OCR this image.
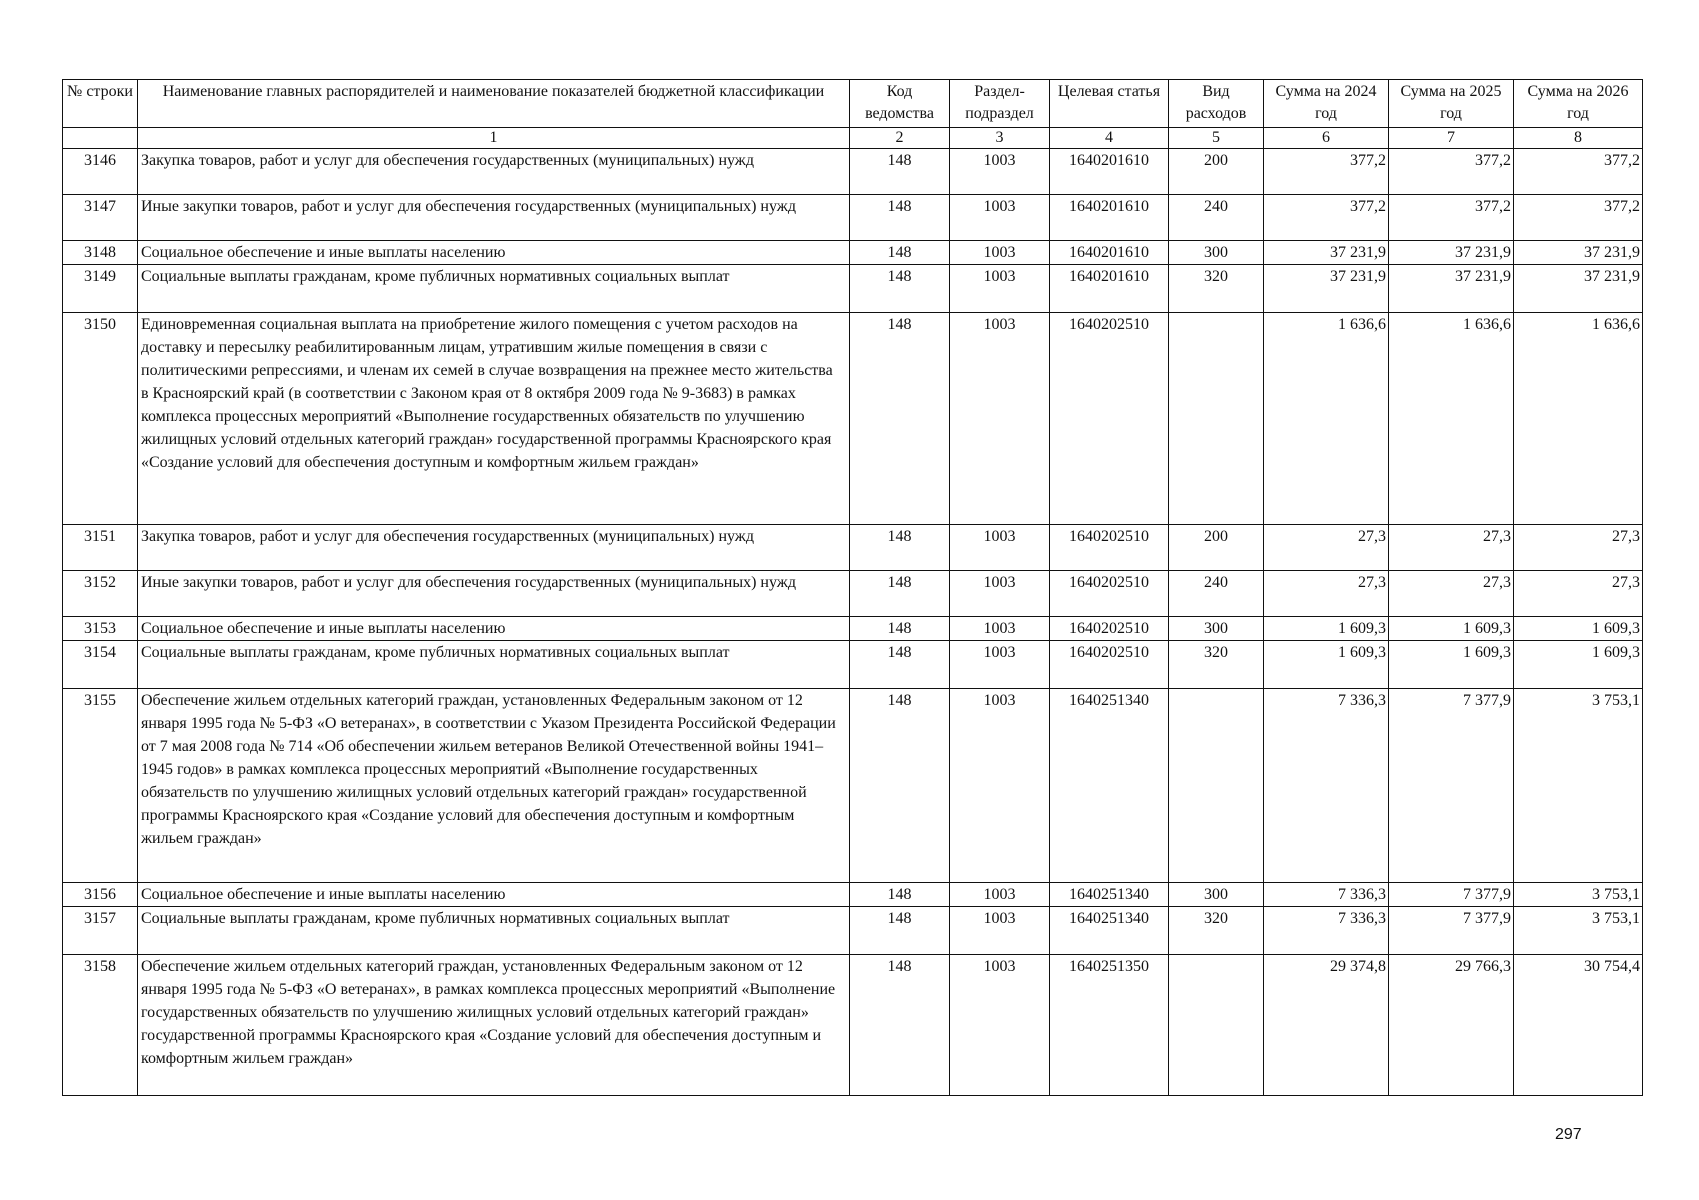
№ строки	Наименование главных распорядителей и наименование показателей бюджетной классификации	Код ведомства	Раздел-подраздел	Целевая статья	Вид расходов	Сумма на 2024 год	Сумма на 2025 год	Сумма на 2026 год
	1	2	3	4	5	6	7	8
3146	Закупка товаров, работ и услуг для обеспечения государственных (муниципальных) нужд	148	1003	1640201610	200	377,2	377,2	377,2
3147	Иные закупки товаров, работ и услуг для обеспечения государственных (муниципальных) нужд	148	1003	1640201610	240	377,2	377,2	377,2
3148	Социальное обеспечение и иные выплаты населению	148	1003	1640201610	300	37 231,9	37 231,9	37 231,9
3149	Социальные выплаты гражданам, кроме публичных нормативных социальных выплат	148	1003	1640201610	320	37 231,9	37 231,9	37 231,9
3150	Единовременная социальная выплата на приобретение жилого помещения с учетом расходов на доставку и пересылку реабилитированным лицам, утратившим жилые помещения в связи с политическими репрессиями, и членам их семей в случае возвращения на прежнее место жительства в Красноярский край (в соответствии с Законом края от 8 октября 2009 года № 9-3683) в рамках комплекса процессных мероприятий «Выполнение государственных обязательств по улучшению жилищных условий отдельных категорий граждан» государственной программы Красноярского края «Создание условий для обеспечения доступным и комфортным жильем граждан»	148	1003	1640202510		1 636,6	1 636,6	1 636,6
3151	Закупка товаров, работ и услуг для обеспечения государственных (муниципальных) нужд	148	1003	1640202510	200	27,3	27,3	27,3
3152	Иные закупки товаров, работ и услуг для обеспечения государственных (муниципальных) нужд	148	1003	1640202510	240	27,3	27,3	27,3
3153	Социальное обеспечение и иные выплаты населению	148	1003	1640202510	300	1 609,3	1 609,3	1 609,3
3154	Социальные выплаты гражданам, кроме публичных нормативных социальных выплат	148	1003	1640202510	320	1 609,3	1 609,3	1 609,3
3155	Обеспечение жильем отдельных категорий граждан, установленных Федеральным законом от 12 января 1995 года № 5-ФЗ «О ветеранах», в соответствии с Указом Президента Российской Федерации от 7 мая 2008 года № 714 «Об обеспечении жильем ветеранов Великой Отечественной войны 1941–1945 годов» в рамках комплекса процессных мероприятий «Выполнение государственных обязательств по улучшению жилищных условий отдельных категорий граждан» государственной программы Красноярского края «Создание условий для обеспечения доступным и комфортным жильем граждан»	148	1003	1640251340		7 336,3	7 377,9	3 753,1
3156	Социальное обеспечение и иные выплаты населению	148	1003	1640251340	300	7 336,3	7 377,9	3 753,1
3157	Социальные выплаты гражданам, кроме публичных нормативных социальных выплат	148	1003	1640251340	320	7 336,3	7 377,9	3 753,1
3158	Обеспечение жильем отдельных категорий граждан, установленных Федеральным законом от 12 января 1995 года № 5-ФЗ «О ветеранах», в рамках комплекса процессных мероприятий «Выполнение государственных обязательств по улучшению жилищных условий отдельных категорий граждан» государственной программы Красноярского края «Создание условий для обеспечения доступным и комфортным жильем граждан»	148	1003	1640251350		29 374,8	29 766,3	30 754,4
297
